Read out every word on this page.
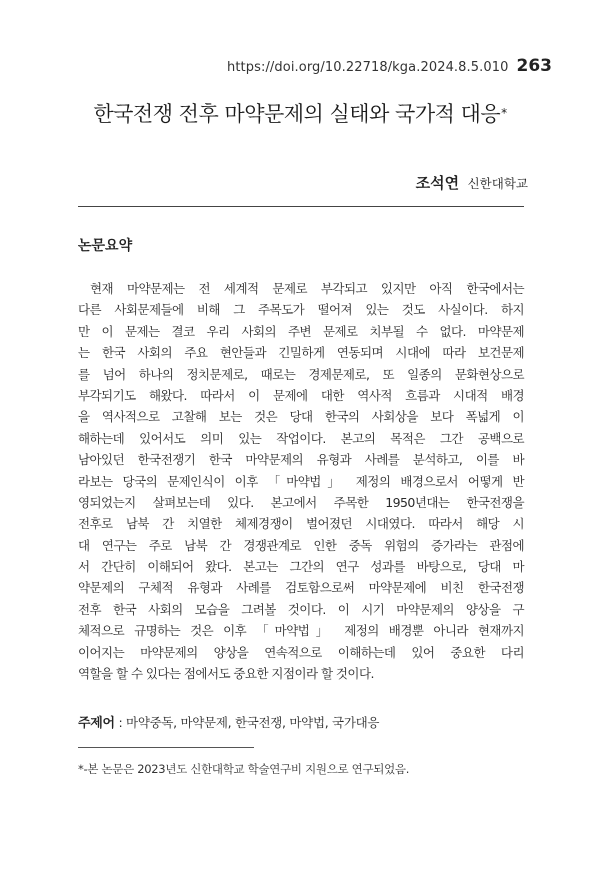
https://doi.org/10.22718/kga.2024.8.5.010 263
한국전쟁 전후 마약문제의 실태와 국가적 대응*
조석연 신한대학교
논문요약
현재 마약문제는 전 세계적 문제로 부각되고 있지만 아직 한국에서는
다른 사회문제들에 비해 그 주목도가 떨어져 있는 것도 사실이다. 하지
만 이 문제는 결코 우리 사회의 주변 문제로 치부될 수 없다. 마약문제
는 한국 사회의 주요 현안들과 긴밀하게 연동되며 시대에 따라 보건문제
를 넘어 하나의 정치문제로, 때로는 경제문제로, 또 일종의 문화현상으로
부각되기도 해왔다. 따라서 이 문제에 대한 역사적 흐름과 시대적 배경
을 역사적으로 고찰해 보는 것은 당대 한국의 사회상을 보다 폭넓게 이
해하는데 있어서도 의미 있는 작업이다. 본고의 목적은 그간 공백으로
남아있던 한국전쟁기 한국 마약문제의 유형과 사례를 분석하고, 이를 바
라보는 당국의 문제인식이 이후 「마약법」 제정의 배경으로서 어떻게 반
영되었는지 살펴보는데 있다. 본고에서 주목한 1950년대는 한국전쟁을
전후로 남북 간 치열한 체제경쟁이 벌어졌던 시대였다. 따라서 해당 시
대 연구는 주로 남북 간 경쟁관계로 인한 중독 위험의 증가라는 관점에
서 간단히 이해되어 왔다. 본고는 그간의 연구 성과를 바탕으로, 당대 마
약문제의 구체적 유형과 사례를 검토함으로써 마약문제에 비친 한국전쟁
전후 한국 사회의 모습을 그려볼 것이다. 이 시기 마약문제의 양상을 구
체적으로 규명하는 것은 이후 「마약법」 제정의 배경뿐 아니라 현재까지
이어지는 마약문제의 양상을 연속적으로 이해하는데 있어 중요한 다리
역할을 할 수 있다는 점에서도 중요한 지점이라 할 것이다.
주제어 : 마약중독, 마약문제, 한국전쟁, 마약법, 국가대응
*-본 논문은 2023년도 신한대학교 학술연구비 지원으로 연구되었음.
